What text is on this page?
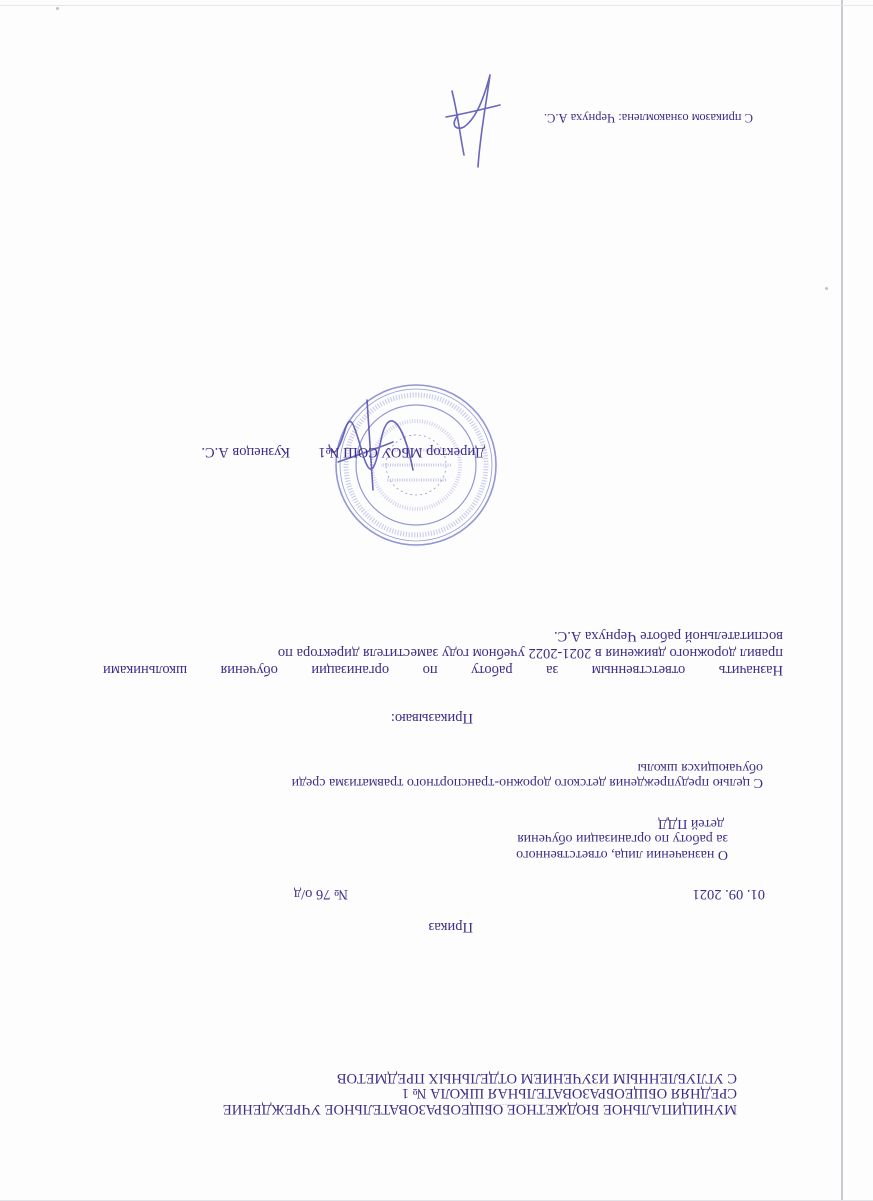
МУНИЦИПАЛЬНОЕ БЮДЖЕТНОЕ ОБЩЕОБРАЗОВАТЕЛЬНОЕ УЧРЕЖДЕНИЕ
СРЕДНЯЯ ОБЩЕОБРАЗОВАТЕЛЬНАЯ ШКОЛА № 1
С УГЛУБЛЕННЫМ ИЗУЧЕНИЕМ ОТДЕЛЬНЫХ ПРЕДМЕТОВ
Приказ
01. 09. 2021
№ 76 о/д
О назначении лица, ответственного
за работу по организации обучения
детей ПДД
С целью предупреждения детского дорожно-транспортного травматизма среди
обучающихся школы
Приказываю:
Назначить
ответственным
за
работу
по
организации
обучения
школьниками
правил дорожного движения в 2021-2022 учебном году заместителя директора по
воспитательной работе Чернуха А.С.
Директор МБОУ СОШ №1
Кузнецов А.С.
С приказом ознакомлена: Чернуха А.С.
